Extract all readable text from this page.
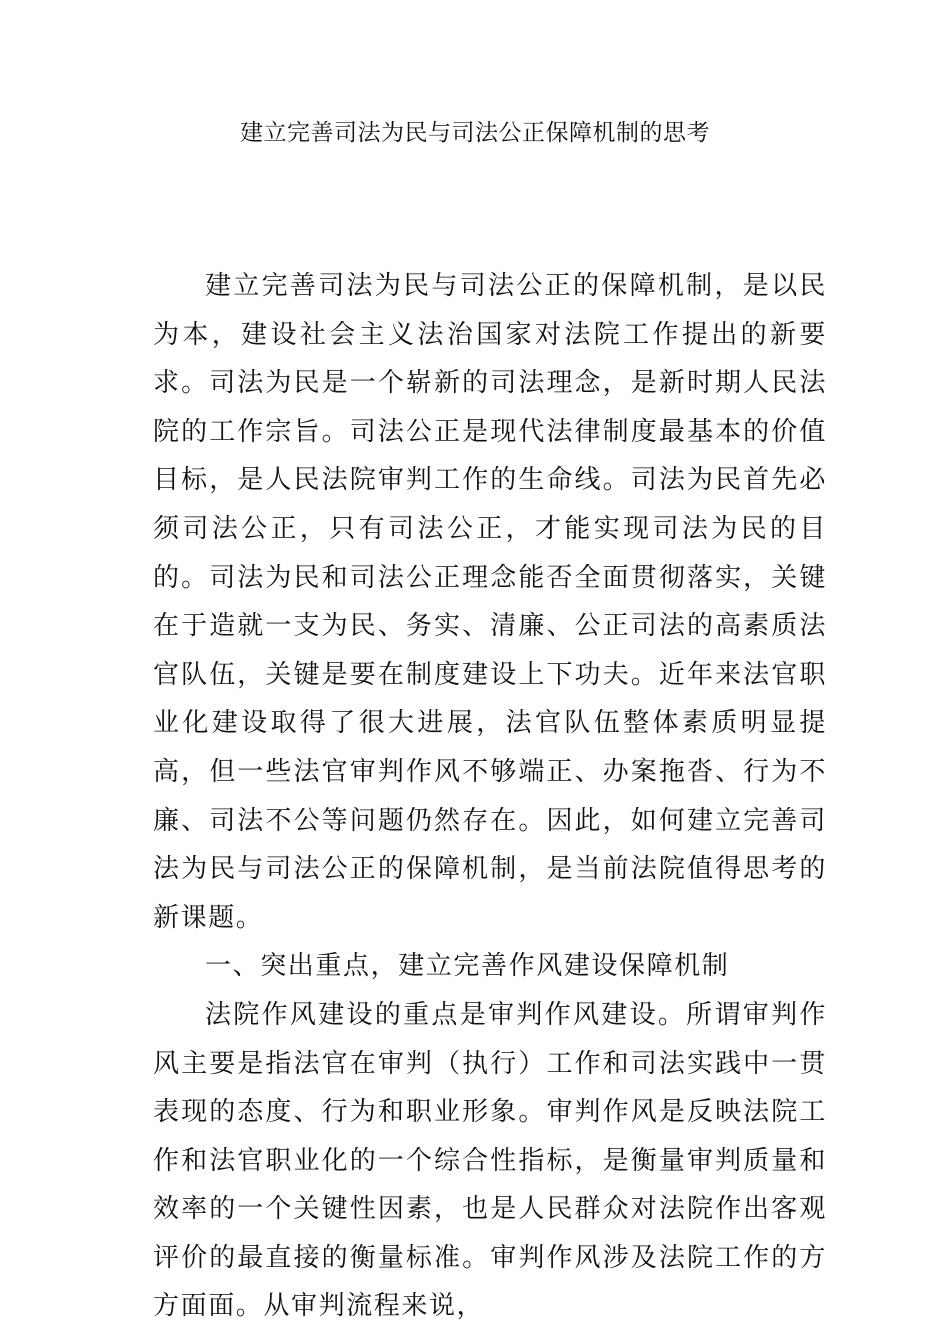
建立完善司法为民与司法公正保障机制的思考

建立完善司法为民与司法公正的保障机制，是以民为本，建设社会主义法治国家对法院工作提出的新要求。司法为民是一个崭新的司法理念，是新时期人民法院的工作宗旨。司法公正是现代法律制度最基本的价值目标，是人民法院审判工作的生命线。司法为民首先必须司法公正，只有司法公正，才能实现司法为民的目的。司法为民和司法公正理念能否全面贯彻落实，关键在于造就一支为民、务实、清廉、公正司法的高素质法官队伍，关键是要在制度建设上下功夫。近年来法官职业化建设取得了很大进展，法官队伍整体素质明显提高，但一些法官审判作风不够端正、办案拖沓、行为不廉、司法不公等问题仍然存在。因此，如何建立完善司法为民与司法公正的保障机制，是当前法院值得思考的新课题。

一、突出重点，建立完善作风建设保障机制

法院作风建设的重点是审判作风建设。所谓审判作风主要是指法官在审判（执行）工作和司法实践中一贯表现的态度、行为和职业形象。审判作风是反映法院工作和法官职业化的一个综合性指标，是衡量审判质量和效率的一个关键性因素，也是人民群众对法院作出客观评价的最直接的衡量标准。审判作风涉及法院工作的方方面面。从审判流程来说，
